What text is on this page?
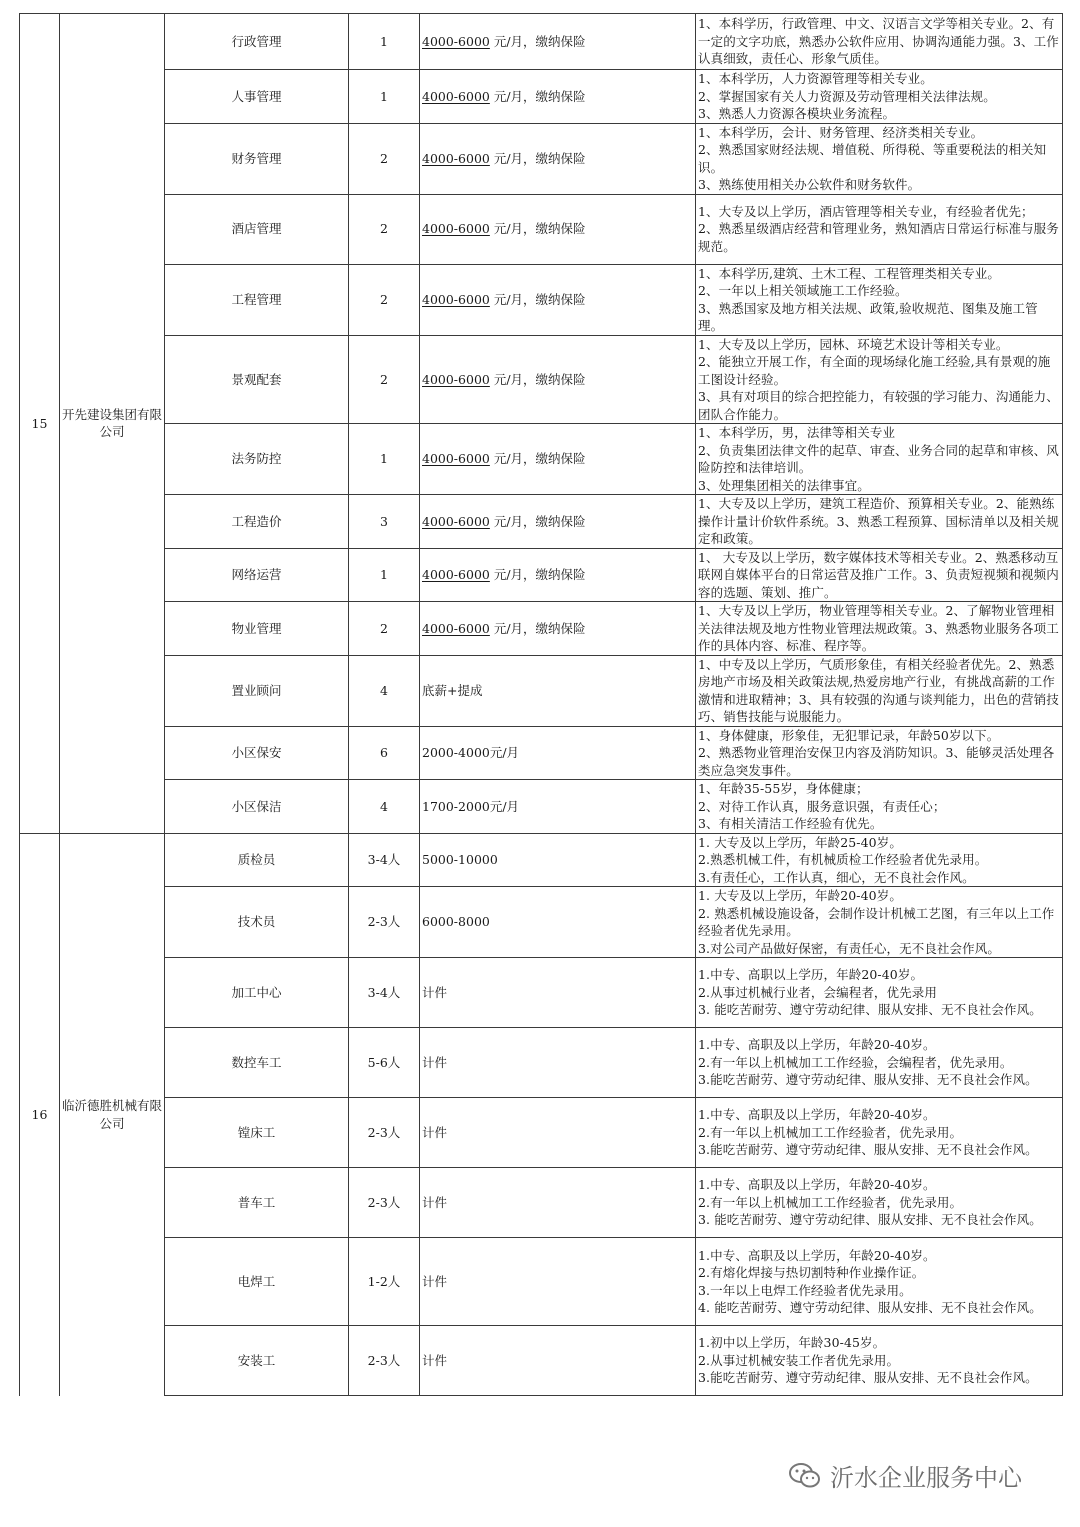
15	开先建设集团有限公司	行政管理	1	4000-6000 元/月，缴纳保险	1、本科学历，行政管理、中文、汉语言文学等相关专业。2、有一定的文字功底，熟悉办公软件应用、协调沟通能力强。3、工作认真细致，责任心、形象气质佳。
		人事管理	1	4000-6000 元/月，缴纳保险	1、本科学历，人力资源管理等相关专业。
2、掌握国家有关人力资源及劳动管理相关法律法规。
3、熟悉人力资源各模块业务流程。
		财务管理	2	4000-6000 元/月，缴纳保险	1、本科学历，会计、财务管理、经济类相关专业。
2、熟悉国家财经法规、增值税、所得税、等重要税法的相关知识。
3、熟练使用相关办公软件和财务软件。
		酒店管理	2	4000-6000 元/月，缴纳保险	1、大专及以上学历，酒店管理等相关专业，有经验者优先；
2、熟悉星级酒店经营和管理业务，熟知酒店日常运行标准与服务规范。
		工程管理	2	4000-6000 元/月，缴纳保险	1、本科学历,建筑、土木工程、工程管理类相关专业。
2、一年以上相关领域施工工作经验。
3、熟悉国家及地方相关法规、政策,验收规范、图集及施工管理。
		景观配套	2	4000-6000 元/月，缴纳保险	1、大专及以上学历，园林、环境艺术设计等相关专业。
2、能独立开展工作，有全面的现场绿化施工经验,具有景观的施工图设计经验。
3、具有对项目的综合把控能力，有较强的学习能力、沟通能力、团队合作能力。
		法务防控	1	4000-6000 元/月，缴纳保险	1、本科学历，男，法律等相关专业
2、负责集团法律文件的起草、审查、业务合同的起草和审核、风险防控和法律培训。
3、处理集团相关的法律事宜。
		工程造价	3	4000-6000 元/月，缴纳保险	1、大专及以上学历，建筑工程造价、预算相关专业。2、能熟练操作计量计价软件系统。3、熟悉工程预算、国标清单以及相关规定和政策。
		网络运营	1	4000-6000 元/月，缴纳保险	1、 大专及以上学历，数字媒体技术等相关专业。2、熟悉移动互联网自媒体平台的日常运营及推广工作。3、负责短视频和视频内容的选题、策划、推广。
		物业管理	2	4000-6000 元/月，缴纳保险	1、大专及以上学历，物业管理等相关专业。2、了解物业管理相关法律法规及地方性物业管理法规政策。3、熟悉物业服务各项工作的具体内容、标准、程序等。
		置业顾问	4	底薪+提成	1、中专及以上学历，气质形象佳，有相关经验者优先。2、熟悉房地产市场及相关政策法规,热爱房地产行业，有挑战高薪的工作激情和进取精神；3、具有较强的沟通与谈判能力，出色的营销技巧、销售技能与说服能力。
		小区保安	6	2000-4000元/月	1、身体健康，形象佳，无犯罪记录，年龄50岁以下。
2、熟悉物业管理治安保卫内容及消防知识。3、能够灵活处理各类应急突发事件。
		小区保洁	4	1700-2000元/月	1、年龄35-55岁，身体健康；
2、对待工作认真，服务意识强，有责任心；
3、有相关清洁工作经验有优先。
16	临沂德胜机械有限公司	质检员	3-4人	5000-10000	1. 大专及以上学历，年龄25-40岁。
2.熟悉机械工件，有机械质检工作经验者优先录用。
3.有责任心，工作认真，细心，无不良社会作风。
		技术员	2-3人	6000-8000	1. 大专及以上学历，年龄20-40岁。
2. 熟悉机械设施设备，会制作设计机械工艺图，有三年以上工作经验者优先录用。
3.对公司产品做好保密，有责任心，无不良社会作风。
		加工中心	3-4人	计件	1.中专、高职以上学历，年龄20-40岁。
2.从事过机械行业者，会编程者，优先录用
3. 能吃苦耐劳、遵守劳动纪律、服从安排、无不良社会作风。
		数控车工	5-6人	计件	1.中专、高职及以上学历，年龄20-40岁。
2.有一年以上机械加工工作经验，会编程者，优先录用。
3.能吃苦耐劳、遵守劳动纪律、服从安排、无不良社会作风。
		镗床工	2-3人	计件	1.中专、高职及以上学历，年龄20-40岁。
2.有一年以上机械加工工作经验者，优先录用。
3.能吃苦耐劳、遵守劳动纪律、服从安排、无不良社会作风。
		普车工	2-3人	计件	1.中专、高职及以上学历，年龄20-40岁。
2.有一年以上机械加工工作经验者，优先录用。
3. 能吃苦耐劳、遵守劳动纪律、服从安排、无不良社会作风。
		电焊工	1-2人	计件	1.中专、高职及以上学历，年龄20-40岁。
2.有熔化焊接与热切割特种作业操作证。
3.一年以上电焊工作经验者优先录用。
4. 能吃苦耐劳、遵守劳动纪律、服从安排、无不良社会作风。
		安装工	2-3人	计件	1.初中以上学历，年龄30-45岁。
2.从事过机械安装工作者优先录用。
3.能吃苦耐劳、遵守劳动纪律、服从安排、无不良社会作风。
沂水企业服务中心
